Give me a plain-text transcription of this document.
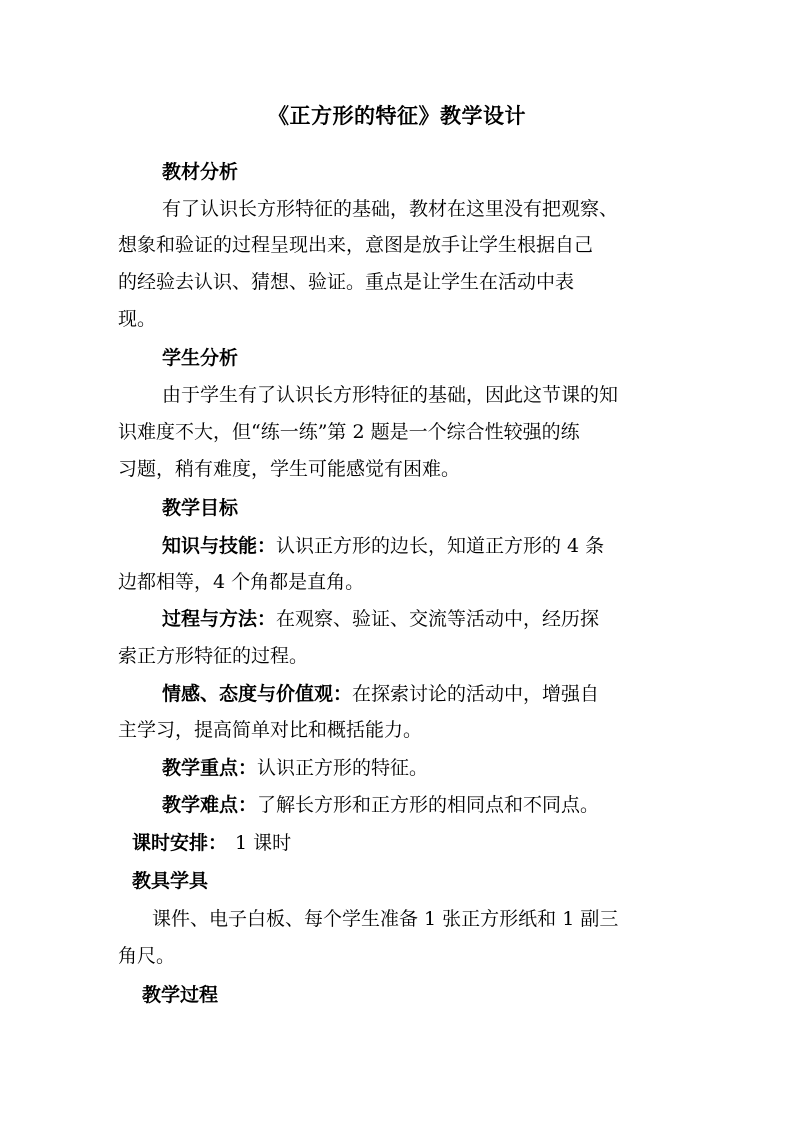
《正方形的特征》教学设计
教材分析
有了认识长方形特征的基础，教材在这里没有把观察、
想象和验证的过程呈现出来，意图是放手让学生根据自己
的经验去认识、猜想、验证。重点是让学生在活动中表
现。
学生分析
由于学生有了认识长方形特征的基础，因此这节课的知
识难度不大，但“练一练”第 2 题是一个综合性较强的练
习题，稍有难度，学生可能感觉有困难。
教学目标
知识与技能：认识正方形的边长，知道正方形的 4 条
边都相等，4 个角都是直角。
过程与方法：在观察、验证、交流等活动中，经历探
索正方形特征的过程。
情感、态度与价值观：在探索讨论的活动中，增强自
主学习，提高简单对比和概括能力。
教学重点：认识正方形的特征。
教学难点：了解长方形和正方形的相同点和不同点。
课时安排： 1 课时
教具学具
课件、电子白板、每个学生准备 1 张正方形纸和 1 副三
角尺。
教学过程
